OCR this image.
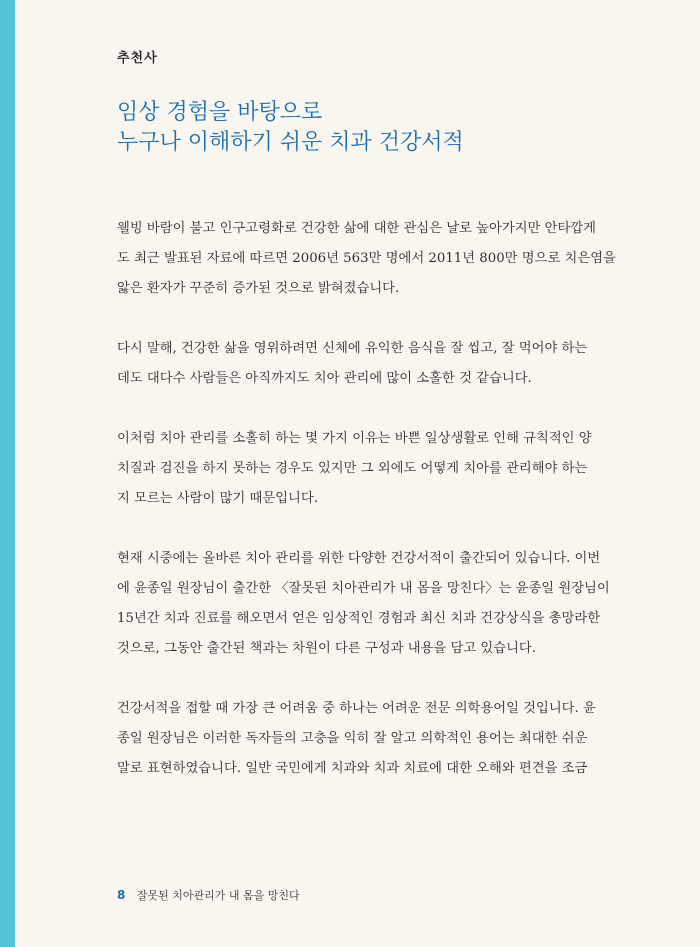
추천사
임상 경험을 바탕으로
누구나 이해하기 쉬운 치과 건강서적

웰빙 바람이 불고 인구고령화로 건강한 삶에 대한 관심은 날로 높아가지만 안타깝게
도 최근 발표된 자료에 따르면 2006년 563만 명에서 2011년 800만 명으로 치은염을
앓은 환자가 꾸준히 증가된 것으로 밝혀졌습니다.

다시 말해, 건강한 삶을 영위하려면 신체에 유익한 음식을 잘 씹고, 잘 먹어야 하는
데도 대다수 사람들은 아직까지도 치아 관리에 많이 소홀한 것 같습니다.

이처럼 치아 관리를 소홀히 하는 몇 가지 이유는 바쁜 일상생활로 인해 규칙적인 양
치질과 검진을 하지 못하는 경우도 있지만 그 외에도 어떻게 치아를 관리해야 하는
지 모르는 사람이 많기 때문입니다.

현재 시중에는 올바른 치아 관리를 위한 다양한 건강서적이 출간되어 있습니다. 이번
에 윤종일 원장님이 출간한 〈잘못된 치아관리가 내 몸을 망친다〉는 윤종일 원장님이
15년간 치과 진료를 해오면서 얻은 임상적인 경험과 최신 치과 건강상식을 총망라한
것으로, 그동안 출간된 책과는 차원이 다른 구성과 내용을 담고 있습니다.

건강서적을 접할 때 가장 큰 어려움 중 하나는 어려운 전문 의학용어일 것입니다. 윤
종일 원장님은 이러한 독자들의 고충을 익히 잘 알고 의학적인 용어는 최대한 쉬운
말로 표현하였습니다. 일반 국민에게 치과와 치과 치료에 대한 오해와 편견을 조금

8 잘못된 치아관리가 내 몸을 망친다
